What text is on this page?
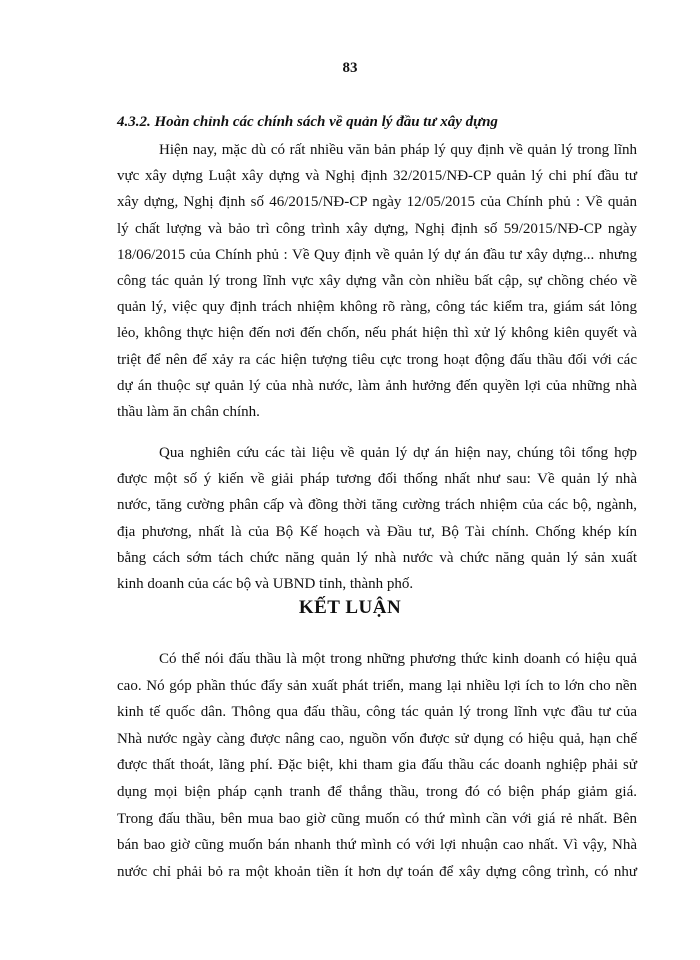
83
4.3.2. Hoàn chỉnh các chính sách về quản lý đầu tư xây dựng
Hiện nay, mặc dù có rất nhiều văn bản pháp lý quy định về quản lý trong lĩnh
vực xây dựng Luật xây dựng và Nghị định 32/2015/NĐ-CP quản lý chi phí đầu tư
xây dựng, Nghị định số 46/2015/NĐ-CP ngày 12/05/2015 của Chính phủ : Về quản
lý chất lượng và bảo trì công trình xây dựng, Nghị định số 59/2015/NĐ-CP ngày
18/06/2015 của Chính phủ : Về Quy định về quản lý dự án đầu tư xây dựng... nhưng
công tác quản lý trong lĩnh vực xây dựng vẫn còn nhiều bất cập, sự chồng chéo về
quản lý, việc quy định trách nhiệm không rõ ràng, công tác kiểm tra, giám sát lỏng
lẻo, không thực hiện đến nơi đến chốn, nếu phát hiện thì xử lý không kiên quyết và
triệt để nên để xảy ra các hiện tượng tiêu cực trong hoạt động đấu thầu đối với các
dự án thuộc sự quản lý của nhà nước, làm ảnh hưởng đến quyền lợi của những nhà
thầu làm ăn chân chính.
Qua nghiên cứu các tài liệu về quản lý dự án hiện nay, chúng tôi tổng hợp
được một số ý kiến về giải pháp tương đối thống nhất như sau: Về quản lý nhà
nước, tăng cường phân cấp và đồng thời tăng cường trách nhiệm của các bộ, ngành,
địa phương, nhất là của Bộ Kế hoạch và Đầu tư, Bộ Tài chính. Chống khép kín
bằng cách sớm tách chức năng quản lý nhà nước và chức năng quản lý sản xuất
kinh doanh của các bộ và UBND tỉnh, thành phố.
KẾT LUẬN
Có thể nói đấu thầu là một trong những phương thức kinh doanh có hiệu quả
cao. Nó góp phần thúc đẩy sản xuất phát triển, mang lại nhiều lợi ích to lớn cho nền
kinh tế quốc dân. Thông qua đấu thầu, công tác quản lý trong lĩnh vực đầu tư của
Nhà nước ngày càng được nâng cao, nguồn vốn được sử dụng có hiệu quả, hạn chế
được thất thoát, lãng phí. Đặc biệt, khi tham gia đấu thầu các doanh nghiệp phải sử
dụng mọi biện pháp cạnh tranh để thắng thầu, trong đó có biện pháp giảm giá.
Trong đấu thầu, bên mua bao giờ cũng muốn có thứ mình cần với giá rẻ nhất. Bên
bán bao giờ cũng muốn bán nhanh thứ mình có với lợi nhuận cao nhất. Vì vậy, Nhà
nước chỉ phải bỏ ra một khoản tiền ít hơn dự toán để xây dựng công trình, có như
